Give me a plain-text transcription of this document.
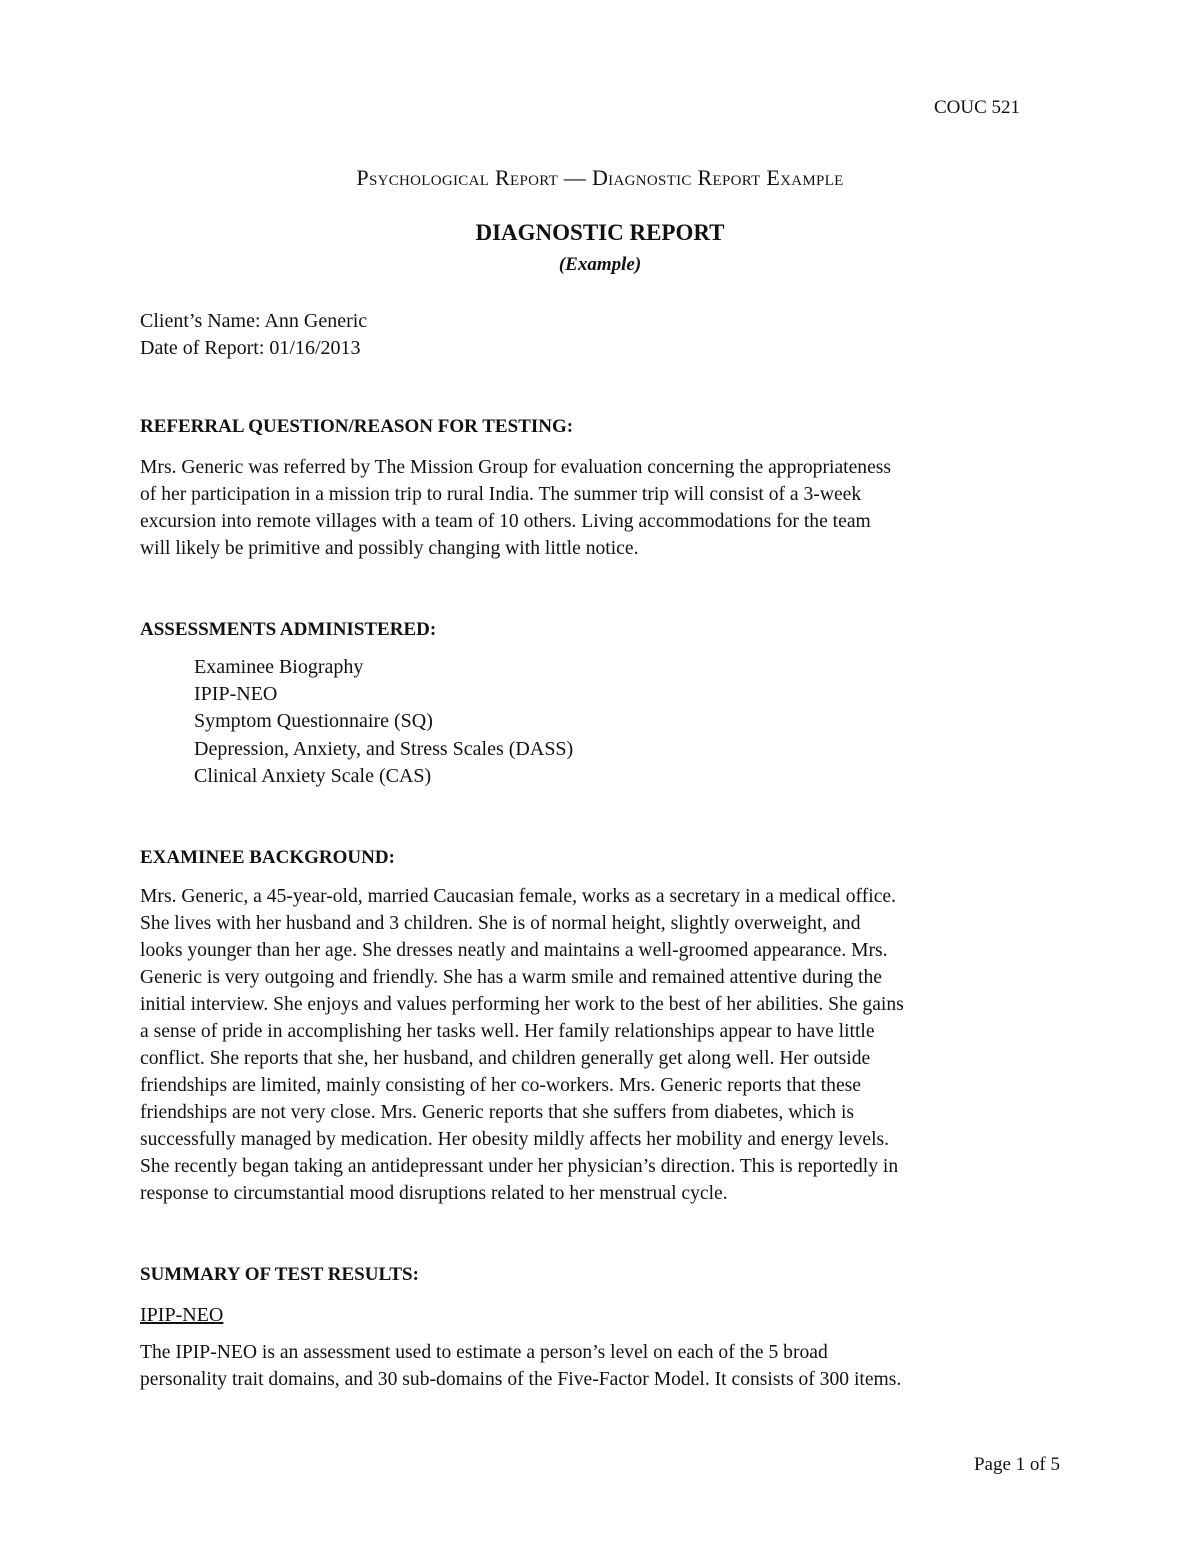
COUC 521
Psychological Report — Diagnostic Report Example
DIAGNOSTIC REPORT
(Example)
Client’s Name: Ann Generic
Date of Report: 01/16/2013
REFERRAL QUESTION/REASON FOR TESTING:
Mrs. Generic was referred by The Mission Group for evaluation concerning the appropriateness
of her participation in a mission trip to rural India. The summer trip will consist of a 3-week
excursion into remote villages with a team of 10 others. Living accommodations for the team
will likely be primitive and possibly changing with little notice.
ASSESSMENTS ADMINISTERED:
Examinee Biography
IPIP-NEO
Symptom Questionnaire (SQ)
Depression, Anxiety, and Stress Scales (DASS)
Clinical Anxiety Scale (CAS)
EXAMINEE BACKGROUND:
Mrs. Generic, a 45-year-old, married Caucasian female, works as a secretary in a medical office.
She lives with her husband and 3 children. She is of normal height, slightly overweight, and
looks younger than her age. She dresses neatly and maintains a well-groomed appearance. Mrs.
Generic is very outgoing and friendly. She has a warm smile and remained attentive during the
initial interview. She enjoys and values performing her work to the best of her abilities. She gains
a sense of pride in accomplishing her tasks well. Her family relationships appear to have little
conflict. She reports that she, her husband, and children generally get along well. Her outside
friendships are limited, mainly consisting of her co-workers. Mrs. Generic reports that these
friendships are not very close. Mrs. Generic reports that she suffers from diabetes, which is
successfully managed by medication. Her obesity mildly affects her mobility and energy levels.
She recently began taking an antidepressant under her physician’s direction. This is reportedly in
response to circumstantial mood disruptions related to her menstrual cycle.
SUMMARY OF TEST RESULTS:
IPIP-NEO
The IPIP-NEO is an assessment used to estimate a person’s level on each of the 5 broad
personality trait domains, and 30 sub-domains of the Five-Factor Model. It consists of 300 items.
Page 1 of 5
